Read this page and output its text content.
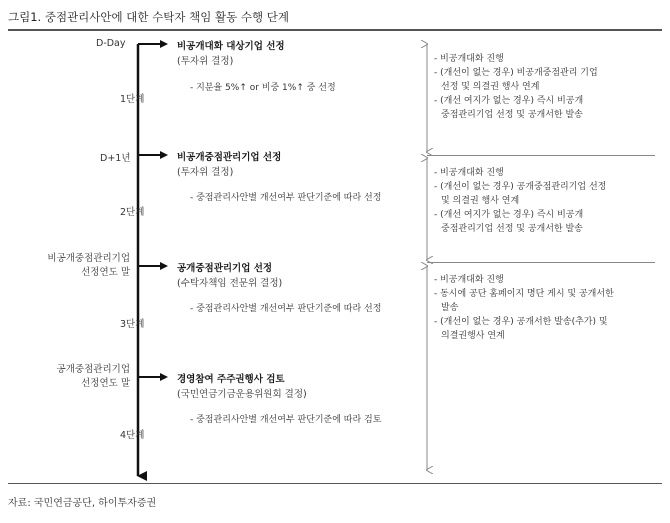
그림1. 중점관리사안에 대한 수탁자 책임 활동 수행 단계
D-Day
D+1년
비공개중점관리기업
선정연도 말
공개중점관리기업
선정연도 말
1단계
2단계
3단계
4단계
비공개대화 대상기업 선정
(투자위 결정)
- 지분율 5%↑ or 비중 1%↑ 중 선정
비공개중점관리기업 선정
(투자위 결정)
- 중점관리사안별 개선여부 판단기준에 따라 선정
공개중점관리기업 선정
(수탁자책임 전문위 결정)
- 중점관리사안별 개선여부 판단기준에 따라 선정
경영참여 주주권행사 검토
(국민연금기금운용위원회 결정)
- 중점관리사안별 개선여부 판단기준에 따라 검토
- 비공개대화 진행
- (개선이 없는 경우) 비공개중점관리 기업
선정 및 의결권 행사 연계
- (개선 여지가 없는 경우) 즉시 비공개
중점관리기업 선정 및 공개서한 발송
- 비공개대화 진행
- (개선이 없는 경우) 공개중점관리기업 선정
및 의결권 행사 연계
- (개선 여지가 없는 경우) 즉시 비공개
중점관리기업 선정 및 공개서한 발송
- 비공개대화 진행
- 동시에 공단 홈페이지 명단 게시 및 공개서한
발송
- (개선이 없는 경우) 공개서한 발송(추가) 및
의결권행사 연계
자료: 국민연금공단, 하이투자증권
